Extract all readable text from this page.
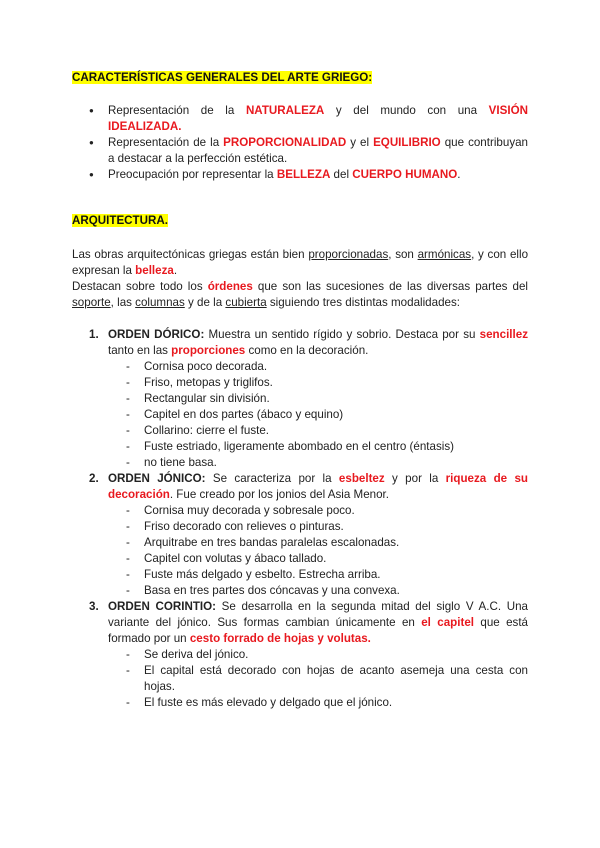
CARACTERÍSTICAS GENERALES DEL ARTE GRIEGO:
● Representación de la NATURALEZA y del mundo con una VISIÓN IDEALIZADA.
● Representación de la PROPORCIONALIDAD y el EQUILIBRIO que contribuyan a destacar a la perfección estética.
● Preocupación por representar la BELLEZA del CUERPO HUMANO.
ARQUITECTURA.

Las obras arquitectónicas griegas están bien proporcionadas, son armónicas, y con ello expresan la belleza.

Destacan sobre todo los órdenes que son las sucesiones de las diversas partes del soporte, las columnas y de la cubierta siguiendo tres distintas modalidades:

1. ORDEN DÓRICO: Muestra un sentido rígido y sobrio. Destaca por su sencillez tanto en las proporciones como en la decoración.
- Cornisa poco decorada.
- Friso, metopas y triglifos.
- Rectangular sin división.
- Capitel en dos partes (ábaco y equino)
- Collarino: cierre el fuste.
- Fuste estriado, ligeramente abombado en el centro (éntasis)
- no tiene basa.
2. ORDEN JÓNICO: Se caracteriza por la esbeltez y por la riqueza de su decoración. Fue creado por los jonios del Asia Menor.
- Cornisa muy decorada y sobresale poco.
- Friso decorado con relieves o pinturas.
- Arquitrabe en tres bandas paralelas escalonadas.
- Capitel con volutas y ábaco tallado.
- Fuste más delgado y esbelto. Estrecha arriba.
- Basa en tres partes dos cóncavas y una convexa.
3. ORDEN CORINTIO: Se desarrolla en la segunda mitad del siglo V A.C. Una variante del jónico. Sus formas cambian únicamente en el capitel que está formado por un cesto forrado de hojas y volutas.
- Se deriva del jónico.
- El capital está decorado con hojas de acanto asemeja una cesta con hojas.
- El fuste es más elevado y delgado que el jónico.
